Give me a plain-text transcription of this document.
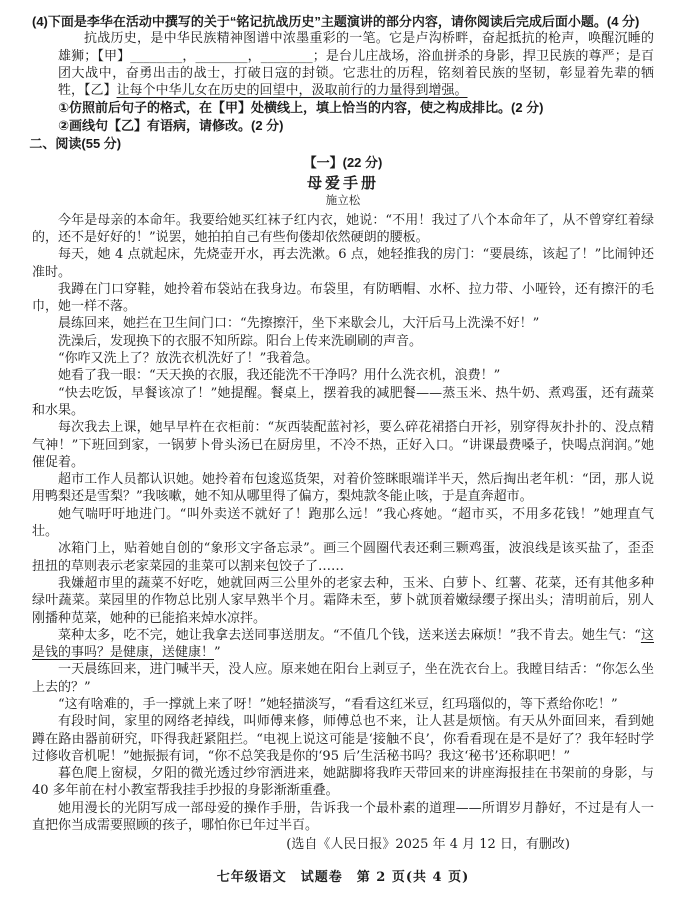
(4)下面是李华在活动中撰写的关于“铭记抗战历史”主题演讲的部分内容，请你阅读后完成后面小题。(4 分)
抗战历史，是中华民族精神图谱中浓墨重彩的一笔。它是卢沟桥畔，奋起抵抗的枪声，唤醒沉睡的雄狮；【甲】________，________，________；是台儿庄战场，浴血拼杀的身影，捍卫民族的尊严；是百团大战中，奋勇出击的战士，打破日寇的封锁。它悲壮的历程，铭刻着民族的坚韧，彰显着先辈的牺牲，【乙】让每个中华儿女在历史的回望中，汲取前行的力量得到增强。
①仿照前后句子的格式，在【甲】处横线上，填上恰当的内容，使之构成排比。(2 分)
②画线句【乙】有语病，请修改。(2 分)
二、阅读(55 分)
【一】(22 分)
母爱手册
施立松
今年是母亲的本命年。我要给她买红袜子红内衣，她说：“不用！我过了八个本命年了，从不曾穿红着绿的，还不是好好的！”说罢，她拍拍自己有些佝偻却依然硬朗的腰板。
每天，她 4 点就起床，先烧壶开水，再去洗漱。6 点，她轻推我的房门：“要晨练，该起了！”比闹钟还准时。
我蹲在门口穿鞋，她拎着布袋站在我身边。布袋里，有防晒帽、水杯、拉力带、小哑铃，还有擦汗的毛巾，她一样不落。
晨练回来，她拦在卫生间门口：“先擦擦汗，坐下来歇会儿，大汗后马上洗澡不好！”
洗澡后，发现换下的衣服不知所踪。阳台上传来洗刷刷的声音。
“你咋又洗上了？放洗衣机洗好了！”我着急。
她看了我一眼：“天天换的衣服，我还能洗不干净吗？用什么洗衣机，浪费！”
“快去吃饭，早餐该凉了！”她提醒。餐桌上，摆着我的减肥餐——蒸玉米、热牛奶、煮鸡蛋，还有蔬菜和水果。
每次我去上课，她早早杵在衣柜前：“灰西装配蓝衬衫，要么碎花裙搭白开衫，别穿得灰扑扑的、没点精气神！”下班回到家，一锅萝卜骨头汤已在厨房里，不冷不热，正好入口。“讲课最费嗓子，快喝点润润。”她催促着。
超市工作人员都认识她。她拎着布包逡巡货架，对着价签眯眼端详半天，然后掏出老年机：“囝，那人说用鸭梨还是雪梨？”我咳嗽，她不知从哪里得了偏方，梨炖款冬能止咳，于是直奔超市。
她气喘吁吁地进门。“叫外卖送不就好了！跑那么远！”我心疼她。“超市买，不用多花钱！”她理直气壮。
冰箱门上，贴着她自创的“象形文字备忘录”。画三个圆圈代表还剩三颗鸡蛋，波浪线是该买盐了，歪歪扭扭的草则表示老家菜园的韭菜可以割来包饺子了……
我嫌超市里的蔬菜不好吃，她就回两三公里外的老家去种，玉米、白萝卜、红薯、花菜，还有其他多种绿叶蔬菜。菜园里的作物总比别人家早熟半个月。霜降未至，萝卜就顶着嫩绿缨子探出头；清明前后，别人刚播种苋菜，她种的已能掐来焯水凉拌。
菜种太多，吃不完，她让我拿去送同事送朋友。“不值几个钱，送来送去麻烦！”我不肯去。她生气：“这是钱的事吗？是健康，送健康！”
一天晨练回来，进门喊半天，没人应。原来她在阳台上剥豆子，坐在洗衣台上。我瞠目结舌：“你怎么坐上去的？”
“这有啥难的，手一撑就上来了呀！”她轻描淡写，“看看这红米豆，红玛瑙似的，等下煮给你吃！”
有段时间，家里的网络老掉线，叫师傅来修，师傅总也不来，让人甚是烦恼。有天从外面回来，看到她蹲在路由器前研究，吓得我赶紧阻拦。“电视上说这可能是‘接触不良’，你看看现在是不是好了？我年轻时学过修收音机呢！”她振振有词，“你不总笑我是你的‘95 后’生活秘书吗？我这‘秘书’还称职吧！”
暮色爬上窗棂，夕阳的微光透过纱帘洒进来，她踮脚将我昨天带回来的讲座海报挂在书架前的身影，与 40 多年前在村小教室帮我挂手抄报的身影渐渐重叠。
她用漫长的光阴写成一部母爱的操作手册，告诉我一个最朴素的道理——所谓岁月静好，不过是有人一直把你当成需要照顾的孩子，哪怕你已年过半百。
(选自《人民日报》2025 年 4 月 12 日，有删改)
七年级语文　试题卷　第 2 页(共 4 页)
